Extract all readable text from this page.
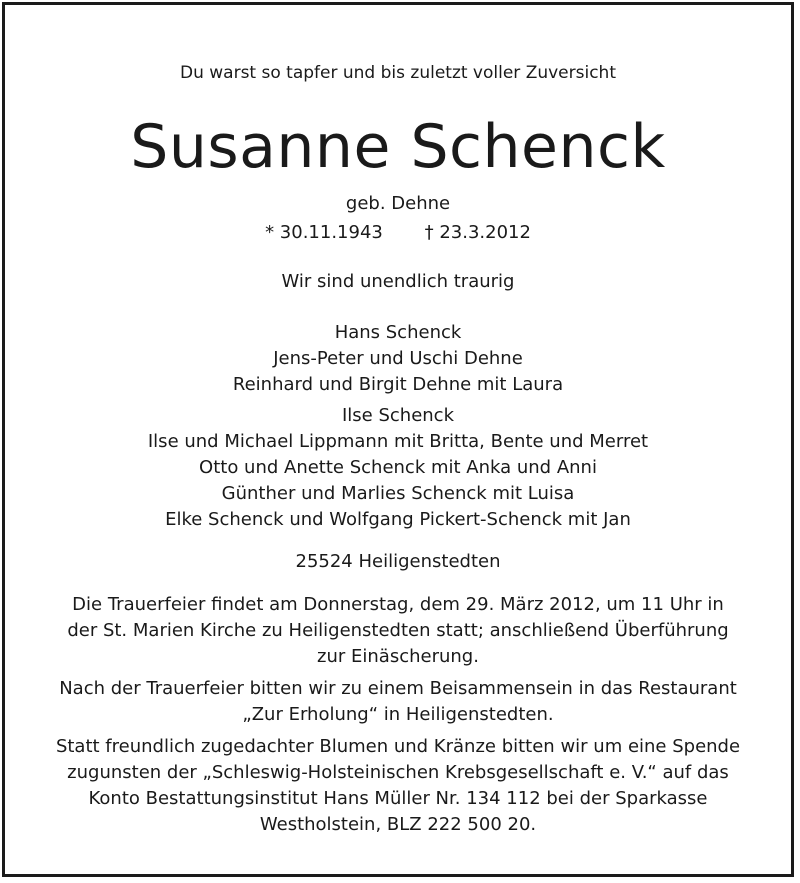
Du warst so tapfer und bis zuletzt voller Zuversicht
Susanne Schenck
geb. Dehne
* 30.11.1943 † 23.3.2012
Wir sind unendlich traurig
Hans Schenck
Jens-Peter und Uschi Dehne
Reinhard und Birgit Dehne mit Laura
Ilse Schenck
Ilse und Michael Lippmann mit Britta, Bente und Merret
Otto und Anette Schenck mit Anka und Anni
Günther und Marlies Schenck mit Luisa
Elke Schenck und Wolfgang Pickert-Schenck mit Jan
25524 Heiligenstedten
Die Trauerfeier findet am Donnerstag, dem 29. März 2012, um 11 Uhr in
der St. Marien Kirche zu Heiligenstedten statt; anschließend Überführung
zur Einäscherung.
Nach der Trauerfeier bitten wir zu einem Beisammensein in das Restaurant
„Zur Erholung“ in Heiligenstedten.
Statt freundlich zugedachter Blumen und Kränze bitten wir um eine Spende
zugunsten der „Schleswig-Holsteinischen Krebsgesellschaft e. V.“ auf das
Konto Bestattungsinstitut Hans Müller Nr. 134 112 bei der Sparkasse
Westholstein, BLZ 222 500 20.
